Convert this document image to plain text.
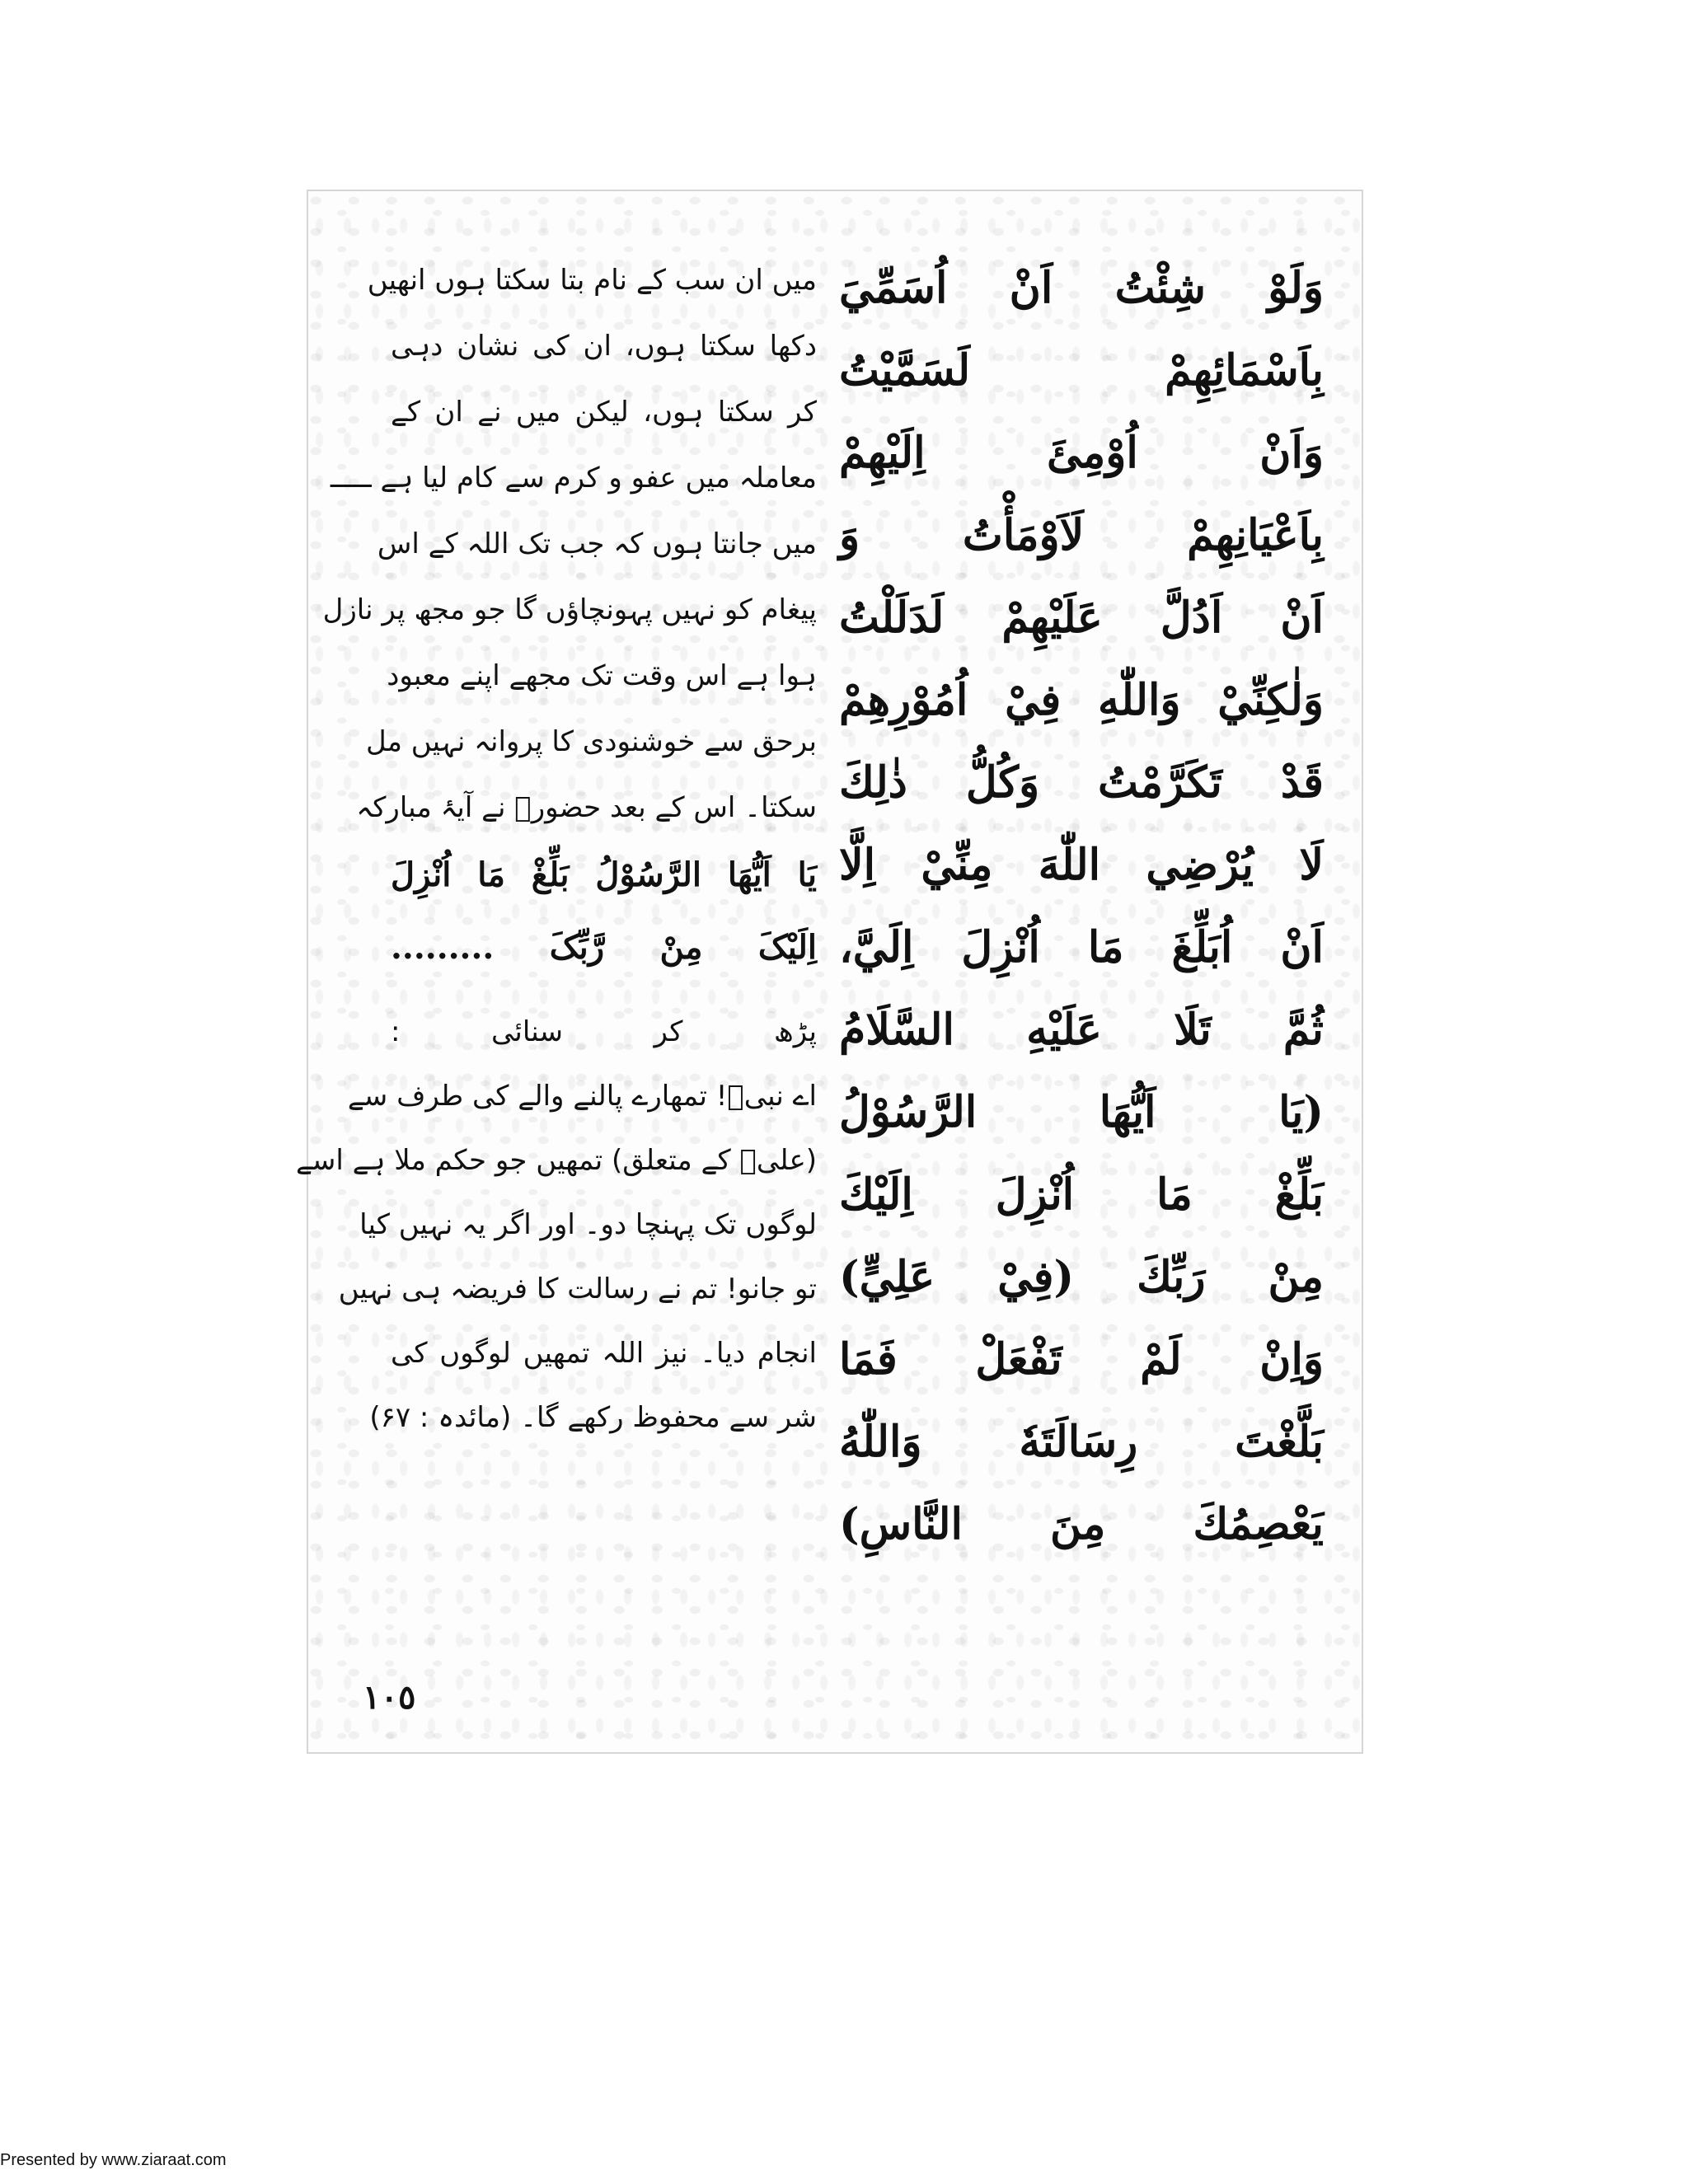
وَلَوْ شِئْتُ اَنْ اُسَمِّيَ
بِاَسْمَائِهِمْ لَسَمَّيْتُ
وَاَنْ اُوْمِئَ اِلَيْهِمْ
بِاَعْيَانِهِمْ لَاَوْمَأْتُ وَ
اَنْ اَدُلَّ عَلَيْهِمْ لَدَلَلْتُ
وَلٰكِنِّيْ وَاللّٰهِ فِيْ اُمُوْرِهِمْ
قَدْ تَكَرَّمْتُ وَكُلُّ ذٰلِكَ
لَا يُرْضِي اللّٰهَ مِنِّيْ اِلَّا
اَنْ اُبَلِّغَ مَا اُنْزِلَ اِلَيَّ،
ثُمَّ تَلَا عَلَيْهِ السَّلَامُ
(يَا اَيُّهَا الرَّسُوْلُ
بَلِّغْ مَا اُنْزِلَ اِلَيْكَ
مِنْ رَبِّكَ (فِيْ عَلِيٍّ)
وَاِنْ لَمْ تَفْعَلْ فَمَا
بَلَّغْتَ رِسَالَتَهٗ وَاللّٰهُ
يَعْصِمُكَ مِنَ النَّاسِ)
میں ان سب کے نام بتا سکتا ہوں انھیں
دکھا سکتا ہوں، ان کی نشان دہی
کر سکتا ہوں، لیکن میں نے ان کے
معاملہ میں عفو و کرم سے کام لیا ہے ـــــ
میں جانتا ہوں کہ جب تک اللہ کے اس
پیغام کو نہیں پہونچاؤں گا جو مجھ پر نازل
ہوا ہے اس وقت تک مجھے اپنے معبود
برحق سے خوشنودی کا پروانہ نہیں مل
سکتا۔ اس کے بعد حضورؐ نے آیۂ مبارکہ
یَا اَیُّهَا الرَّسُوْلُ بَلِّغْ مَا اُنْزِلَ
اِلَیْکَ مِنْ رَّبِّکَ .........
پڑھ کر سنائی :
اے نبیؐ! تمھارے پالنے والے کی طرف سے
(علیؑ کے متعلق) تمھیں جو حکم ملا ہے اسے
لوگوں تک پہنچا دو۔ اور اگر یہ نہیں کیا
تو جانو! تم نے رسالت کا فریضہ ہی نہیں
انجام دیا۔ نیز اللہ تمھیں لوگوں کی
شر سے محفوظ رکھے گا۔ (مائدہ : ۶۷)
١٠٥
Presented by www.ziaraat.com
